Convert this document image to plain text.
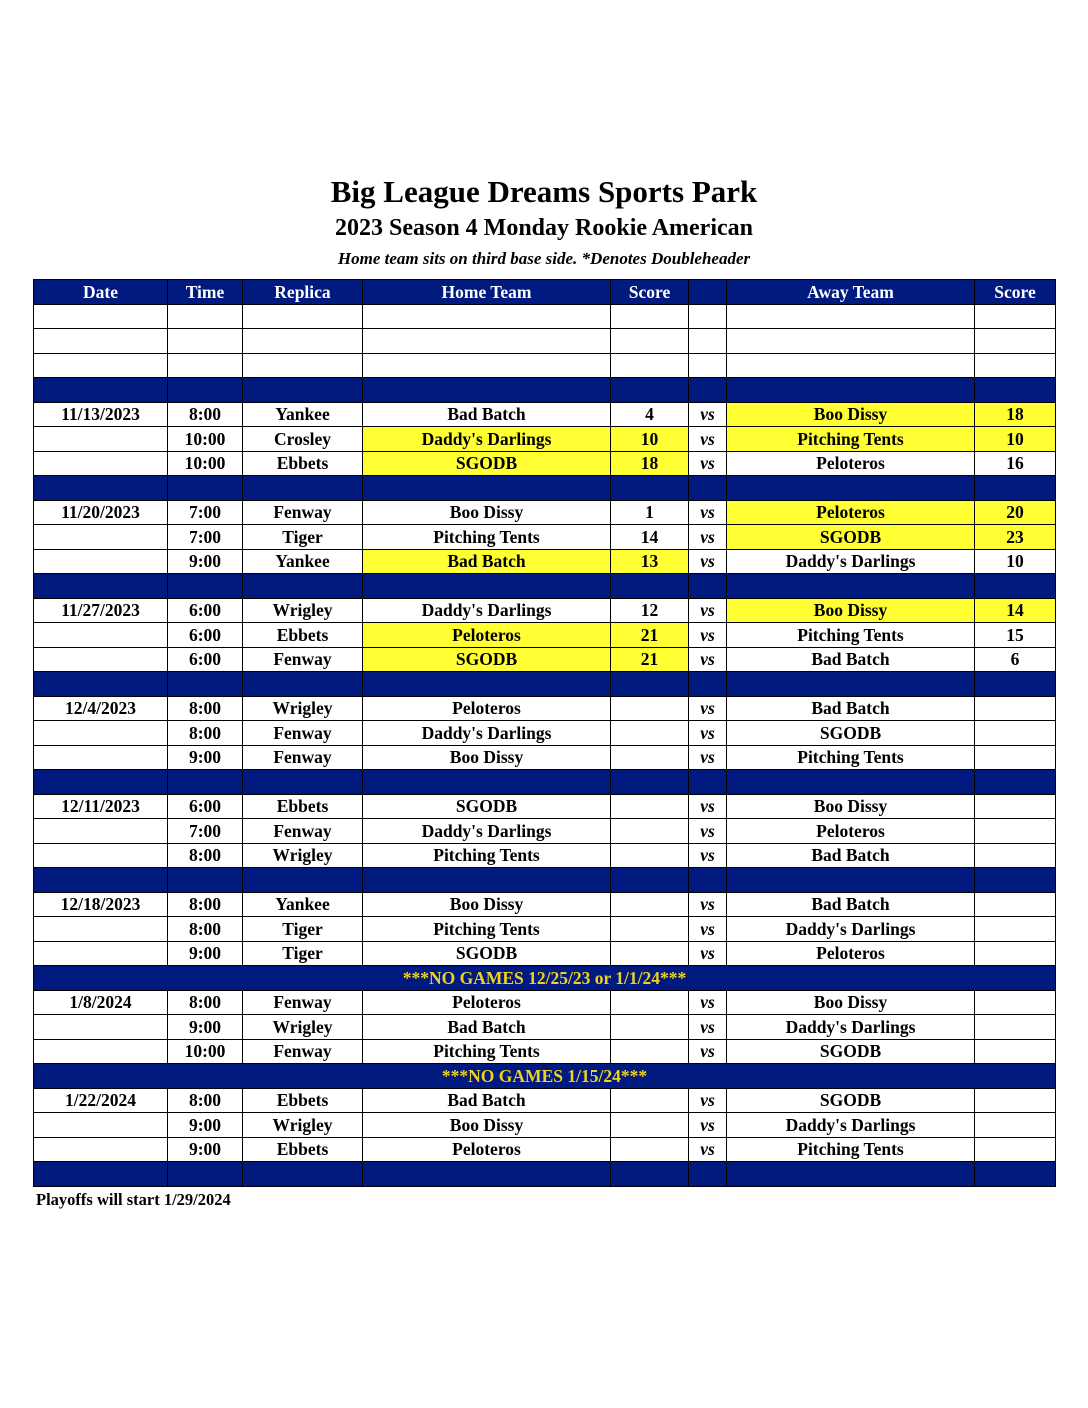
Big League Dreams Sports Park
2023 Season 4 Monday Rookie American
Home team sits on third base side. *Denotes Doubleheader
Date	Time	Replica	Home Team	Score		Away Team	Score

11/13/2023	8:00	Yankee	Bad Batch	4	vs	Boo Dissy	18
	10:00	Crosley	Daddy's Darlings	10	vs	Pitching Tents	10
	10:00	Ebbets	SGODB	18	vs	Peloteros	16

11/20/2023	7:00	Fenway	Boo Dissy	1	vs	Peloteros	20
	7:00	Tiger	Pitching Tents	14	vs	SGODB	23
	9:00	Yankee	Bad Batch	13	vs	Daddy's Darlings	10

11/27/2023	6:00	Wrigley	Daddy's Darlings	12	vs	Boo Dissy	14
	6:00	Ebbets	Peloteros	21	vs	Pitching Tents	15
	6:00	Fenway	SGODB	21	vs	Bad Batch	6

12/4/2023	8:00	Wrigley	Peloteros		vs	Bad Batch	
	8:00	Fenway	Daddy's Darlings		vs	SGODB	
	9:00	Fenway	Boo Dissy		vs	Pitching Tents	

12/11/2023	6:00	Ebbets	SGODB		vs	Boo Dissy	
	7:00	Fenway	Daddy's Darlings		vs	Peloteros	
	8:00	Wrigley	Pitching Tents		vs	Bad Batch	

12/18/2023	8:00	Yankee	Boo Dissy		vs	Bad Batch	
	8:00	Tiger	Pitching Tents		vs	Daddy's Darlings	
	9:00	Tiger	SGODB		vs	Peloteros	
***NO GAMES 12/25/23 or 1/1/24***							
1/8/2024	8:00	Fenway	Peloteros		vs	Boo Dissy	
	9:00	Wrigley	Bad Batch		vs	Daddy's Darlings	
	10:00	Fenway	Pitching Tents		vs	SGODB	
***NO GAMES 1/15/24***							
1/22/2024	8:00	Ebbets	Bad Batch		vs	SGODB	
	9:00	Wrigley	Boo Dissy		vs	Daddy's Darlings	
	9:00	Ebbets	Peloteros		vs	Pitching Tents	

Playoffs will start 1/29/2024
